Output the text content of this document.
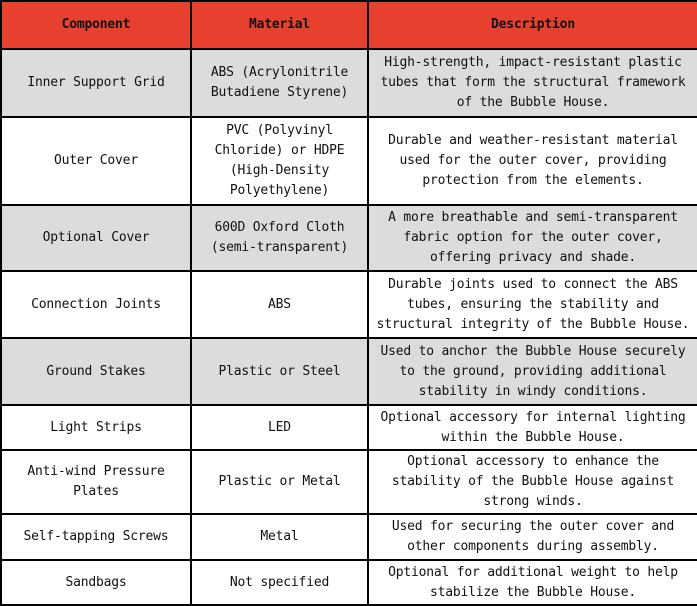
Component	Material	Description
Inner Support Grid	ABS (Acrylonitrile Butadiene Styrene)	High-strength, impact-resistant plastic tubes that form the structural framework of the Bubble House.
Outer Cover	PVC (Polyvinyl Chloride) or HDPE (High-Density Polyethylene)	Durable and weather-resistant material used for the outer cover, providing protection from the elements.
Optional Cover	600D Oxford Cloth (semi-transparent)	A more breathable and semi-transparent fabric option for the outer cover, offering privacy and shade.
Connection Joints	ABS	Durable joints used to connect the ABS tubes, ensuring the stability and structural integrity of the Bubble House.
Ground Stakes	Plastic or Steel	Used to anchor the Bubble House securely to the ground, providing additional stability in windy conditions.
Light Strips	LED	Optional accessory for internal lighting within the Bubble House.
Anti-wind Pressure Plates	Plastic or Metal	Optional accessory to enhance the stability of the Bubble House against strong winds.
Self-tapping Screws	Metal	Used for securing the outer cover and other components during assembly.
Sandbags	Not specified	Optional for additional weight to help stabilize the Bubble House.
